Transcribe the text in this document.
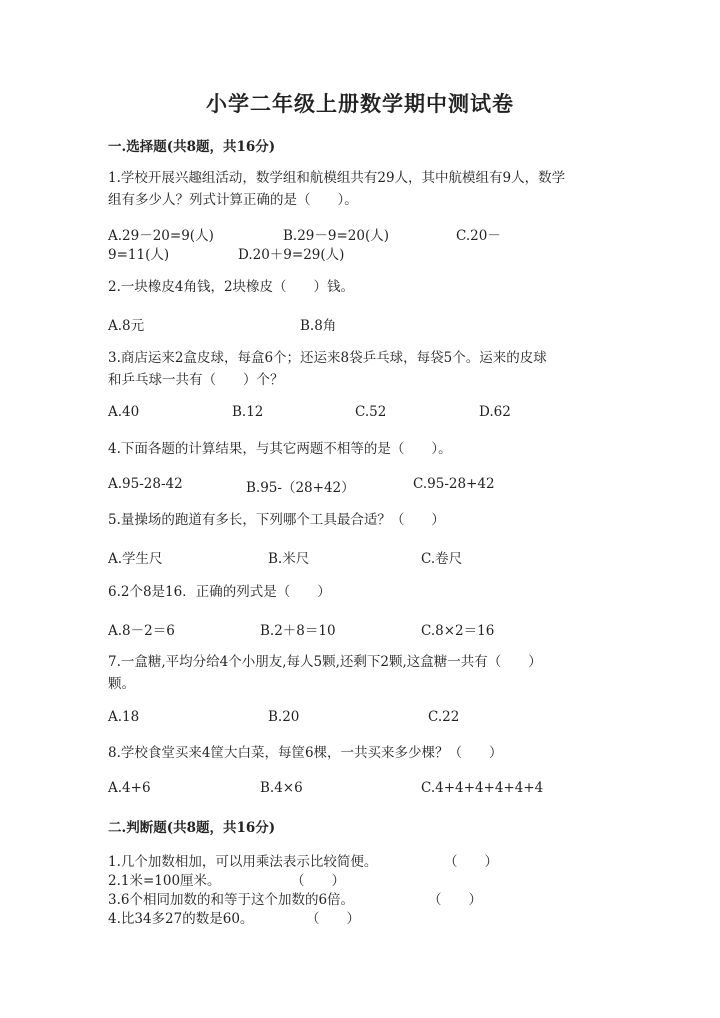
小学二年级上册数学期中测试卷
一.选择题(共8题，共16分)
1.学校开展兴趣组活动，数学组和航模组共有29人，其中航模组有9人，数学
组有多少人？列式计算正确的是（　　）。
A.29－20=9(人)	B.29－9=20(人)	C.20－
9=11(人)	D.20＋9=29(人)
2.一块橡皮4角钱，2块橡皮（　　）钱。
A.8元	B.8角
3.商店运来2盒皮球，每盒6个；还运来8袋乒乓球，每袋5个。运来的皮球
和乒乓球一共有（　　）个？
A.40	B.12	C.52	D.62
4.下面各题的计算结果，与其它两题不相等的是（　　）。
A.95-28-42	B.95-（28+42）	C.95-28+42
5.量操场的跑道有多长，下列哪个工具最合适？（　　）
A.学生尺	B.米尺	C.卷尺
6.2个8是16．正确的列式是（　　）
A.8－2＝6	B.2＋8＝10	C.8×2＝16
7.一盒糖,平均分给4个小朋友,每人5颗,还剩下2颗,这盒糖一共有（　　）
颗。
A.18	B.20	C.22
8.学校食堂买来4筐大白菜，每筐6棵，一共买来多少棵？（　　）
A.4+6	B.4×6	C.4+4+4+4+4+4
二.判断题(共8题，共16分)
1.几个加数相加，可以用乘法表示比较简便。	（　　）
2.1米=100厘米。	（　　）
3.6个相同加数的和等于这个加数的6倍。	（　　）
4.比34多27的数是60。	（　　）
